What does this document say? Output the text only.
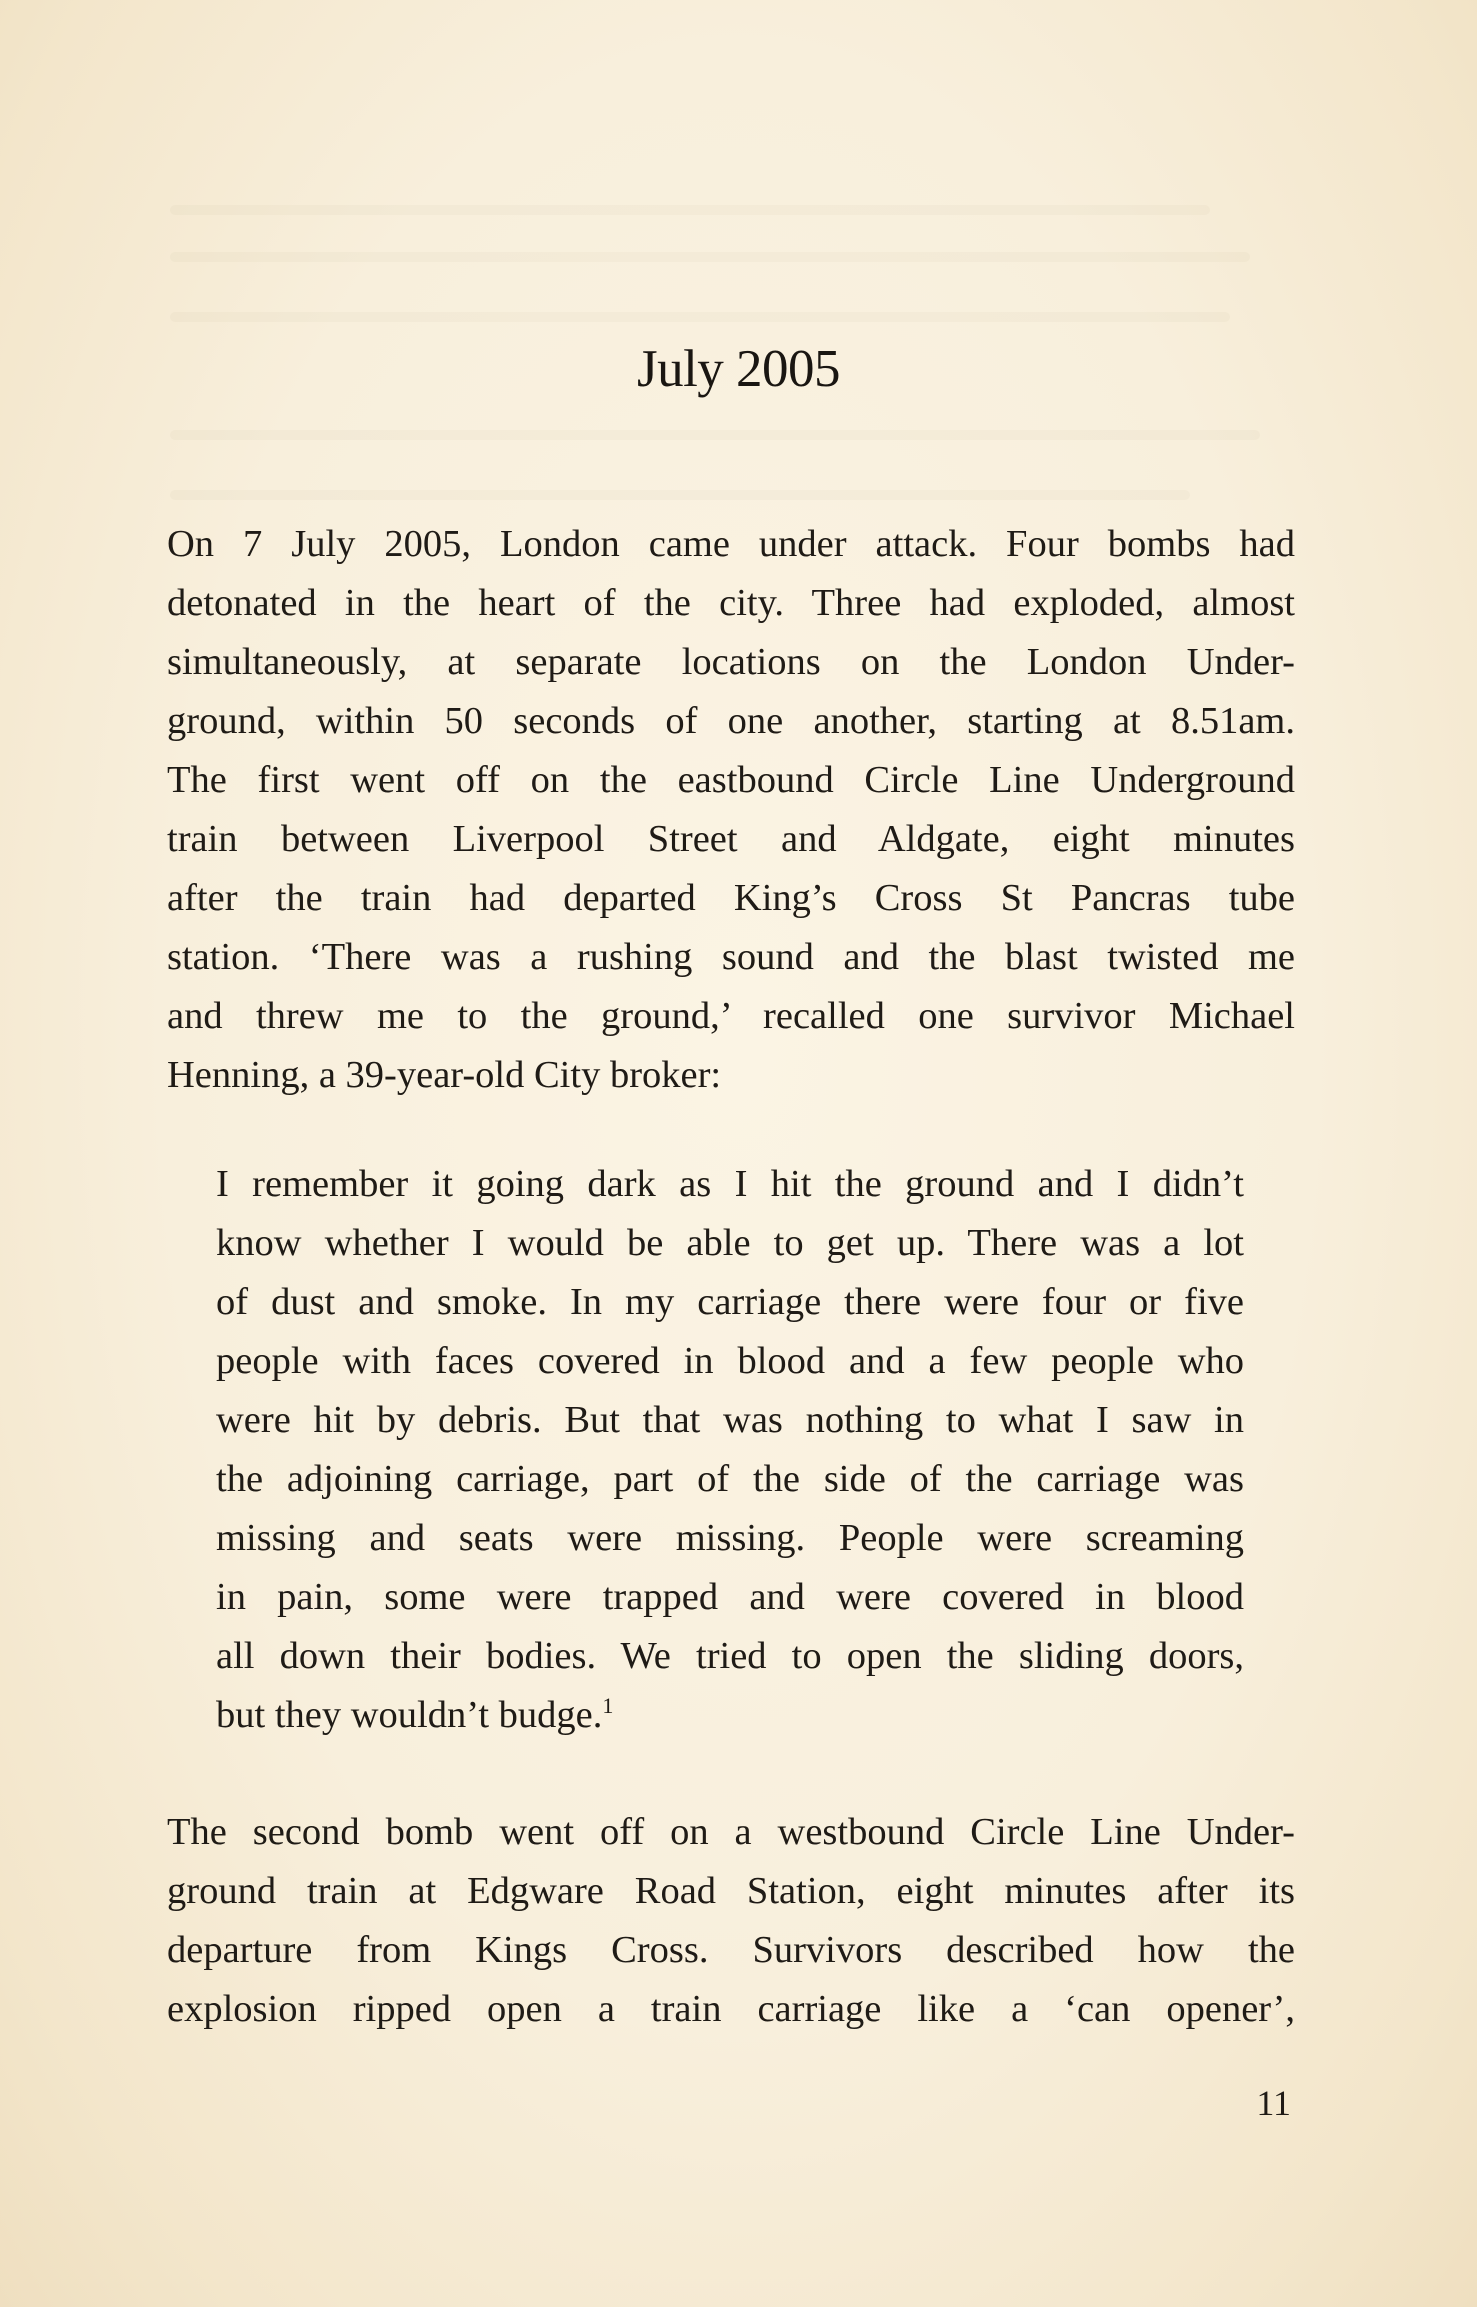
July 2005
On 7 July 2005, London came under attack. Four bombs had
detonated in the heart of the city. Three had exploded, almost
simultaneously, at separate locations on the London Under-
ground, within 50 seconds of one another, starting at 8.51am.
The first went off on the eastbound Circle Line Underground
train between Liverpool Street and Aldgate, eight minutes
after the train had departed King’s Cross St Pancras tube
station. ‘There was a rushing sound and the blast twisted me
and threw me to the ground,’ recalled one survivor Michael
Henning, a 39-year-old City broker:
I remember it going dark as I hit the ground and I didn’t
know whether I would be able to get up. There was a lot
of dust and smoke. In my carriage there were four or five
people with faces covered in blood and a few people who
were hit by debris. But that was nothing to what I saw in
the adjoining carriage, part of the side of the carriage was
missing and seats were missing. People were screaming
in pain, some were trapped and were covered in blood
all down their bodies. We tried to open the sliding doors,
but they wouldn’t budge.$^1$
The second bomb went off on a westbound Circle Line Under-
ground train at Edgware Road Station, eight minutes after its
departure from Kings Cross. Survivors described how the
explosion ripped open a train carriage like a ‘can opener’,
11
